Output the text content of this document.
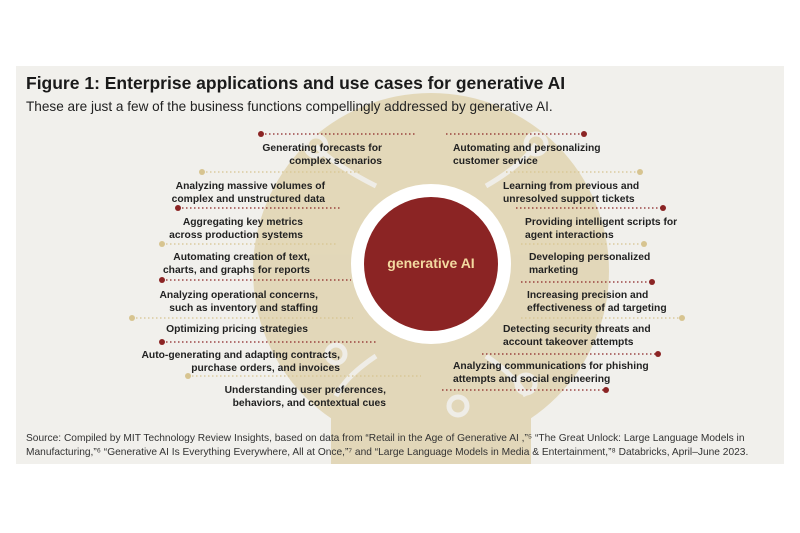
Figure 1: Enterprise applications and use cases for generative AI
These are just a few of the business functions compellingly addressed by generative AI.
generative AI
Generating forecasts for
complex scenarios
Analyzing massive volumes of
complex and unstructured data
Aggregating key metrics
across production systems
Automating creation of text,
charts, and graphs for reports
Analyzing operational concerns,
such as inventory and staffing
Optimizing pricing strategies
Auto-generating and adapting contracts,
purchase orders, and invoices
Understanding user preferences,
behaviors, and contextual cues
Automating and personalizing
customer service
Learning from previous and
unresolved support tickets
Providing intelligent scripts for
agent interactions
Developing personalized
marketing
Increasing precision and
effectiveness of ad targeting
Detecting security threats and
account takeover attempts
Analyzing communications for phishing
attempts and social engineering
Source: Compiled by MIT Technology Review Insights, based on data from “Retail in the Age of Generative AI ,”⁵ “The Great Unlock: Large Language Models in
Manufacturing,”⁶ “Generative AI Is Everything Everywhere, All at Once,”⁷ and “Large Language Models in Media & Entertainment,”⁸ Databricks, April–June 2023.
